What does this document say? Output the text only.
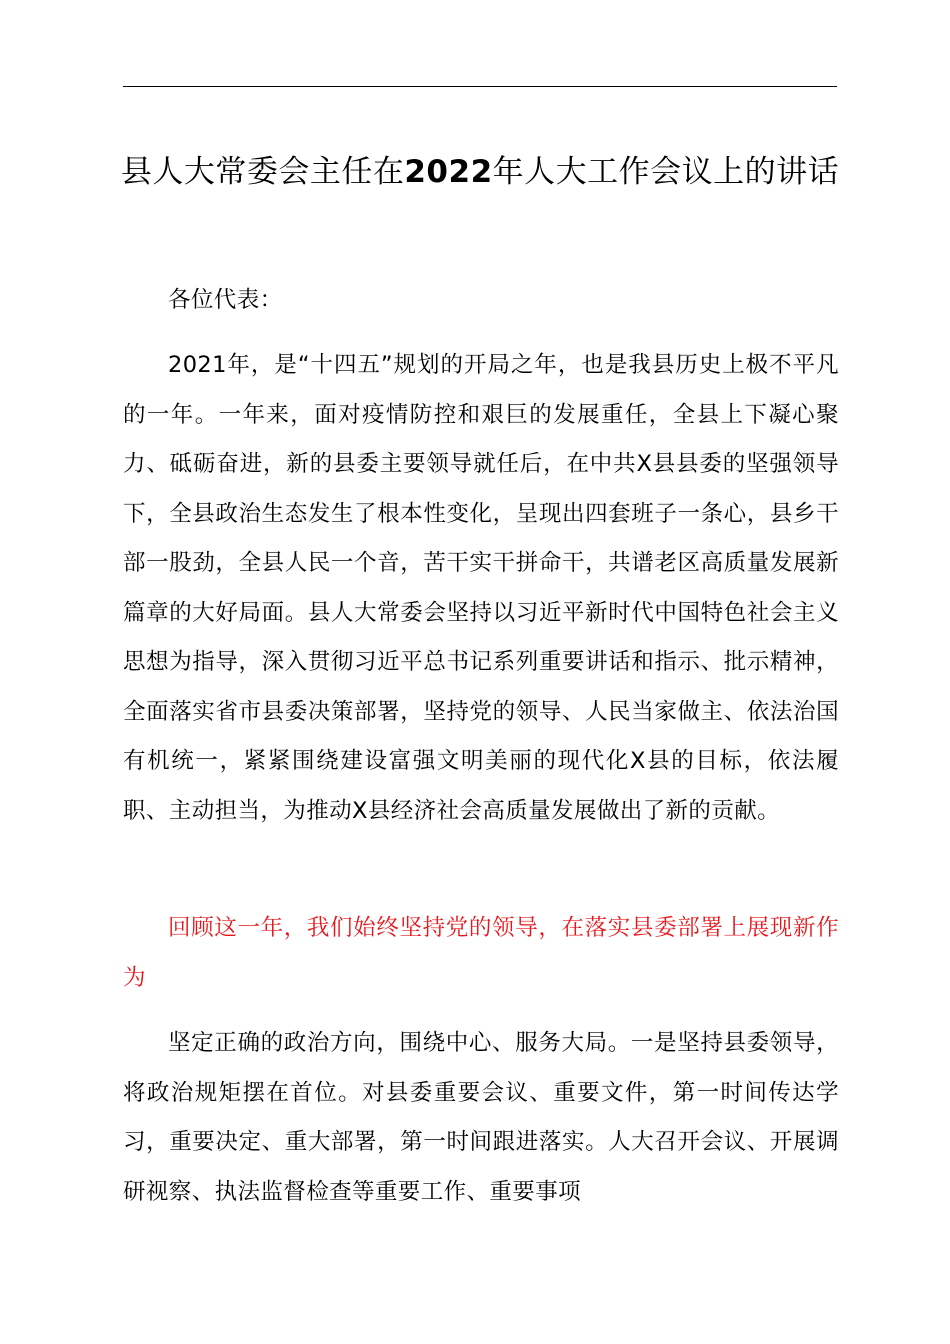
县人大常委会主任在2022年人大工作会议上的讲话

各位代表：

2021年，是“十四五”规划的开局之年，也是我县历史上极不平凡的一年。一年来，面对疫情防控和艰巨的发展重任，全县上下凝心聚力、砥砺奋进，新的县委主要领导就任后，在中共X县县委的坚强领导下，全县政治生态发生了根本性变化，呈现出四套班子一条心，县乡干部一股劲，全县人民一个音，苦干实干拼命干，共谱老区高质量发展新篇章的大好局面。县人大常委会坚持以习近平新时代中国特色社会主义思想为指导，深入贯彻习近平总书记系列重要讲话和指示、批示精神，全面落实省市县委决策部署，坚持党的领导、人民当家做主、依法治国有机统一，紧紧围绕建设富强文明美丽的现代化X县的目标，依法履职、主动担当，为推动X县经济社会高质量发展做出了新的贡献。

回顾这一年，我们始终坚持党的领导，在落实县委部署上展现新作为

坚定正确的政治方向，围绕中心、服务大局。一是坚持县委领导，将政治规矩摆在首位。对县委重要会议、重要文件，第一时间传达学习，重要决定、重大部署，第一时间跟进落实。人大召开会议、开展调研视察、执法监督检查等重要工作、重要事项
